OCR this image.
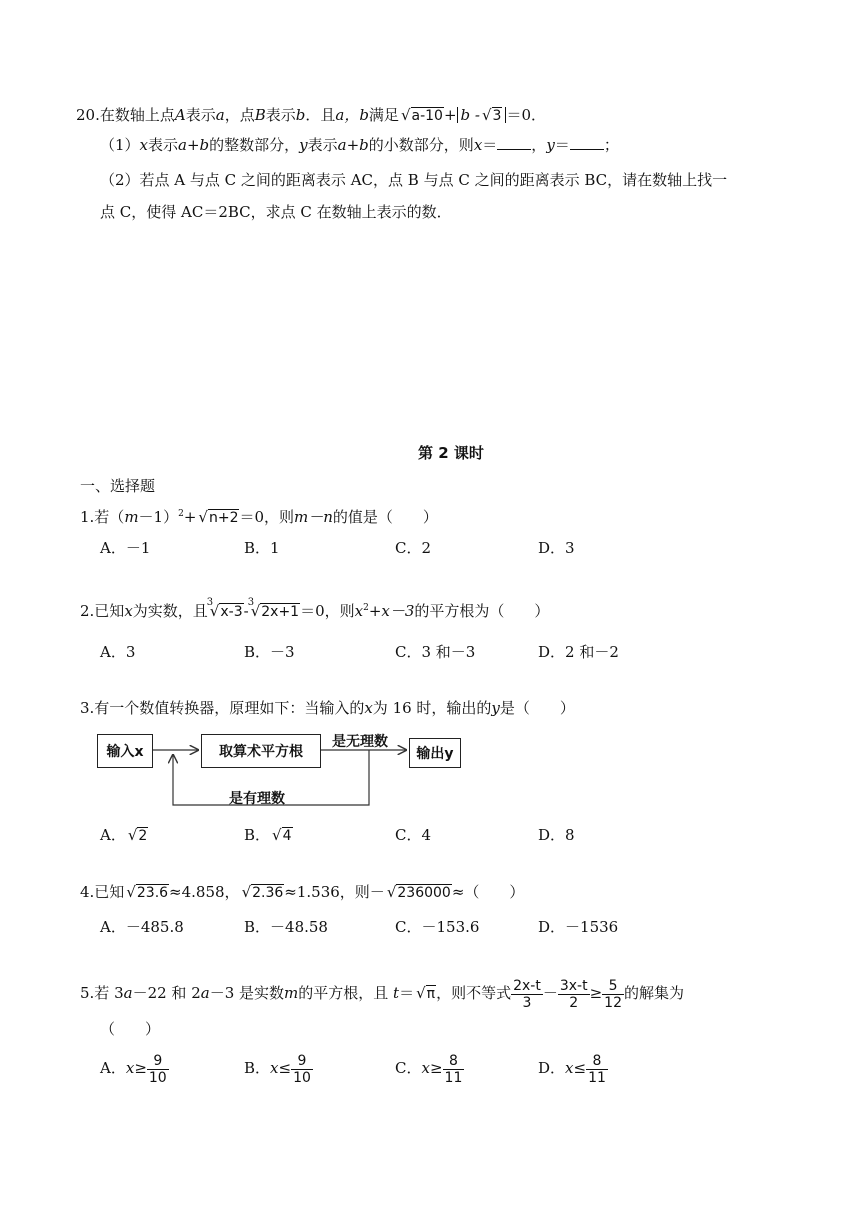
20.在数轴上点A表示a，点B表示b．且a，b满足 √a-10+ b - √3 ＝0．
（1）x表示a+b的整数部分，y表示a+b的小数部分，则x＝ ，y＝ ；
（2）若点 A 与点 C 之间的距离表示 AC，点 B 与点 C 之间的距离表示 BC，请在数轴上找一
点 C，使得 AC＝2BC，求点 C 在数轴上表示的数．
第 2 课时
一、选择题
1.若$(m-1)^2+ √n+2=0$，则m－n的值是（　　）
A．－1	B．1	C．2	D．3
2.已知x为实数，且 3
√x-3- 3
√2x+1＝0，则$x^2+x-3$的平方根为（　　）
A．3	B．－3	C．3 和－3	D．2 和－2
3.有一个数值转换器，原理如下：当输入的x为 16 时，输出的y是（　　）
输入x	取算术平方根
是无理数
输出y
是有理数
A． √2	B． √4	C．4	D．8
4.已知 √23.6≈4.858， √2.36≈1.536，则－ √236000≈（　　）
A．－485.8	B．－48.58	C．－153.6	D．－1536
5.若 3a－22 和 2a－3 是实数m的平方根，且 t＝ √π，则不等式 $\frac{2x-t}{3} - \frac{3x-t}{2} \ge \frac{5}{12}$ 的解集为
（　　）
A．$x\ge \frac{9}{10}$	B．$x\le \frac{9}{10}$	C．$x\ge \frac{8}{11}$	D．$x\le \frac{8}{11}$
